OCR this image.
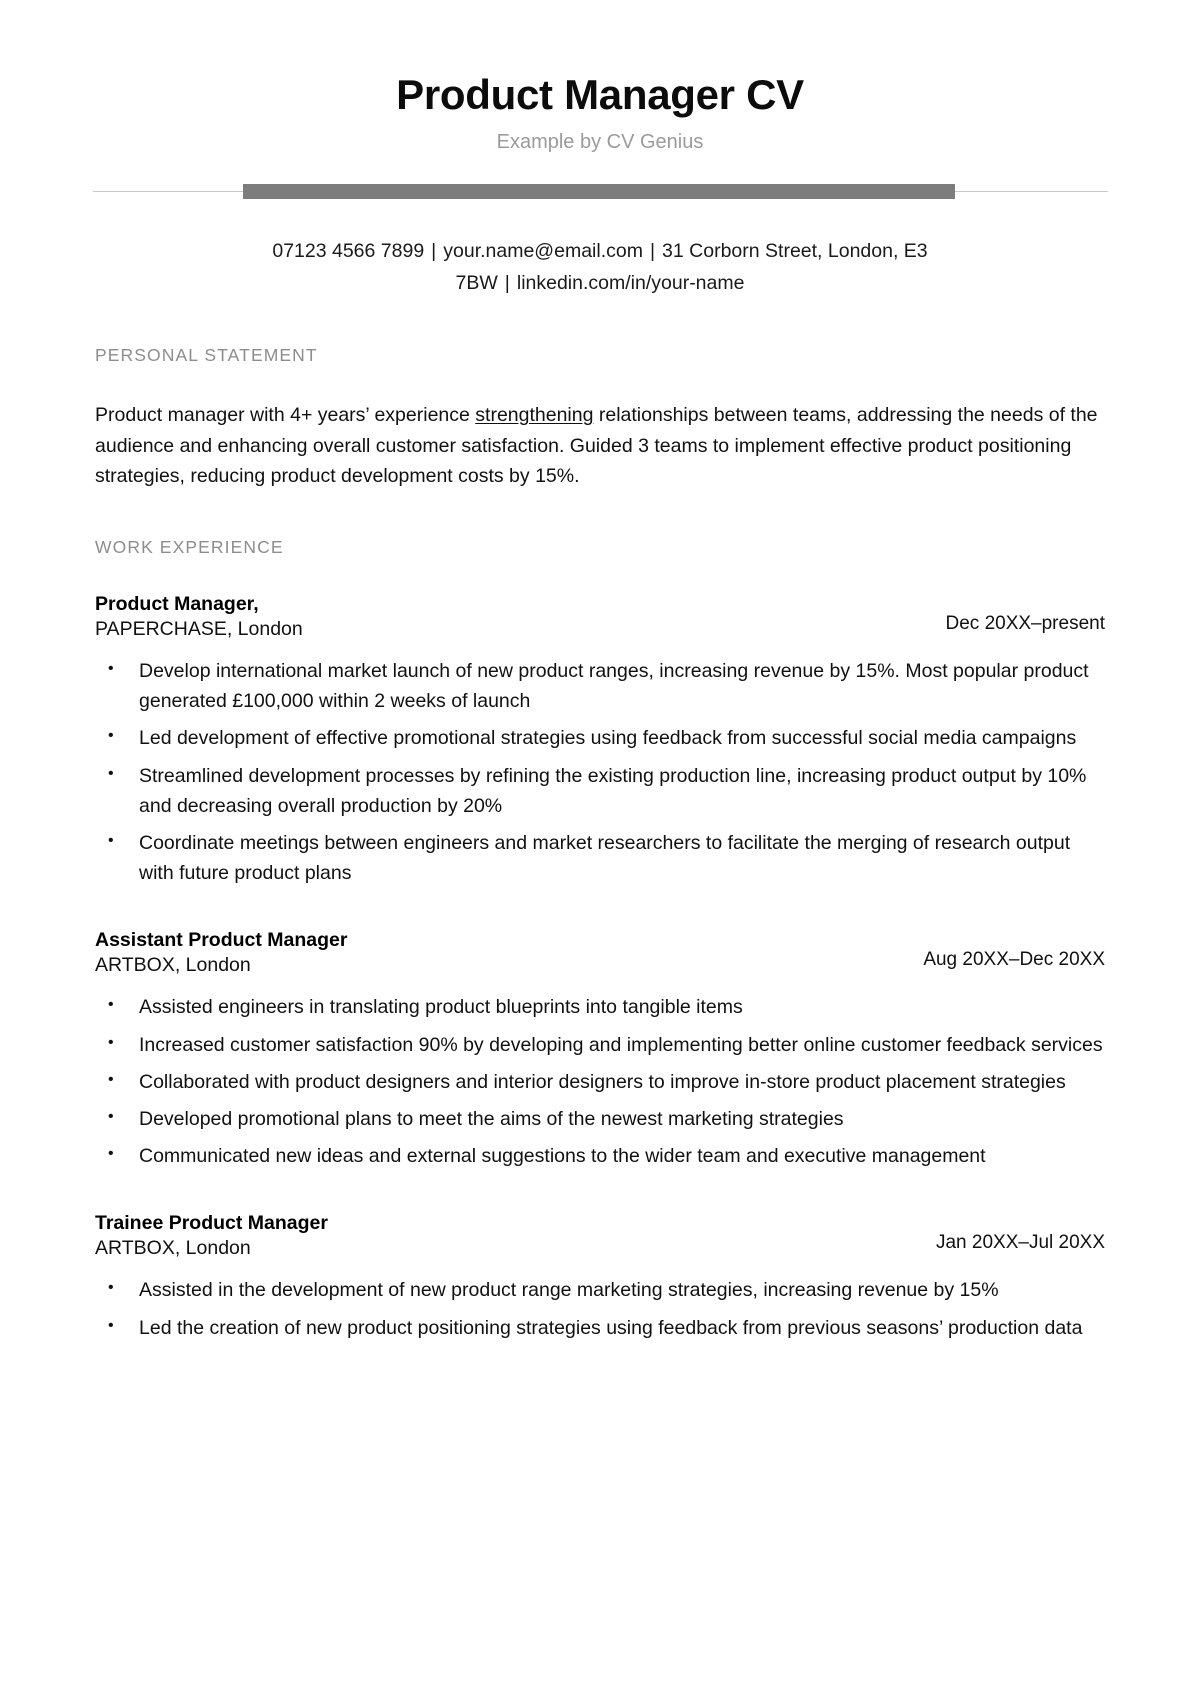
Product Manager CV
Example by CV Genius
07123 4566 7899 | your.name@email.com | 31 Corborn Street, London, E3 7BW | linkedin.com/in/your-name
PERSONAL STATEMENT

Product manager with 4+ years’ experience strengthening relationships between teams, addressing the needs of the audience and enhancing overall customer satisfaction. Guided 3 teams to implement effective product positioning strategies, reducing product development costs by 15%.

WORK EXPERIENCE
Product Manager,
PAPERCHASE, London	Dec 20XX–present
• Develop international market launch of new product ranges, increasing revenue by 15%. Most popular product generated £100,000 within 2 weeks of launch
• Led development of effective promotional strategies using feedback from successful social media campaigns
• Streamlined development processes by refining the existing production line, increasing product output by 10% and decreasing overall production by 20%
• Coordinate meetings between engineers and market researchers to facilitate the merging of research output with future product plans
Assistant Product Manager
ARTBOX, London	Aug 20XX–Dec 20XX
• Assisted engineers in translating product blueprints into tangible items
• Increased customer satisfaction 90% by developing and implementing better online customer feedback services
• Collaborated with product designers and interior designers to improve in-store product placement strategies
• Developed promotional plans to meet the aims of the newest marketing strategies
• Communicated new ideas and external suggestions to the wider team and executive management
Trainee Product Manager
ARTBOX, London	Jan 20XX–Jul 20XX
• Assisted in the development of new product range marketing strategies, increasing revenue by 15%
• Led the creation of new product positioning strategies using feedback from previous seasons’ production data
